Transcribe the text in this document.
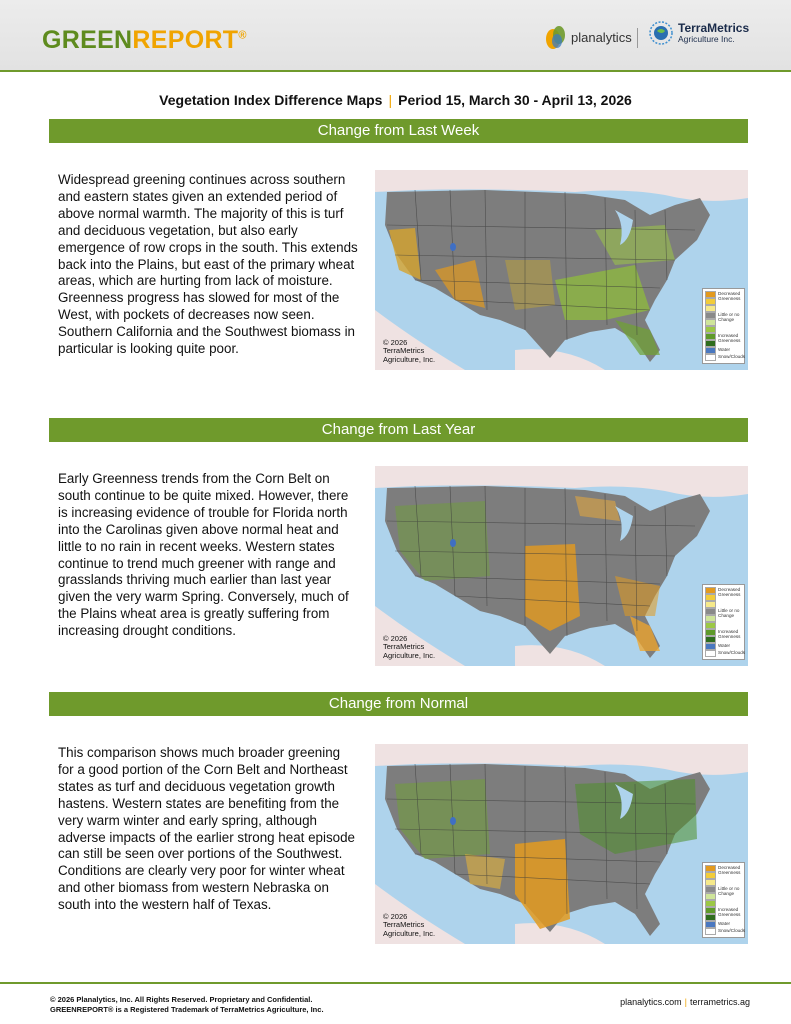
GREENREPORT®	planalytics
TerraMetrics
Agriculture Inc.
Vegetation Index Difference Maps | Period 15, March 30 - April 13, 2026
Change from Last Week
Widespread greening continues across southern and eastern states given an extended period of above normal warmth. The majority of this is turf and deciduous vegetation, but also early emergence of row crops in the south. This extends back into the Plains, but east of the primary wheat areas, which are hurting from lack of moisture. Greenness progress has slowed for most of the West, with pockets of decreases now seen. Southern California and the Southwest biomass in particular is looking quite poor.	© 2026
TerraMetrics
Agriculture, Inc.
Decreased Greenness
Little or no Change
Increased Greenness
Water
Snow/Clouds
Change from Last Year
Early Greenness trends from the Corn Belt on south continue to be quite mixed. However, there is increasing evidence of trouble for Florida north into the Carolinas given above normal heat and little to no rain in recent weeks. Western states continue to trend much greener with range and grasslands thriving much earlier than last year given the very warm Spring. Conversely, much of the Plains wheat area is greatly suffering from increasing drought conditions.	© 2026
TerraMetrics
Agriculture, Inc.
Decreased Greenness
Little or no Change
Increased Greenness
Water
Snow/Clouds
Change from Normal
This comparison shows much broader greening for a good portion of the Corn Belt and Northeast states as turf and deciduous vegetation growth hastens. Western states are benefiting from the very warm winter and early spring, although adverse impacts of the earlier strong heat episode can still be seen over portions of the Southwest. Conditions are clearly very poor for winter wheat and other biomass from western Nebraska on south into the western half of Texas.
© 2026
TerraMetrics
Agriculture, Inc.
Decreased Greenness
Little or no Change
Increased Greenness
Water
Snow/Clouds
© 2026 Planalytics, Inc. All Rights Reserved. Proprietary and Confidential.
GREENREPORT® is a Registered Trademark of TerraMetrics Agriculture, Inc.
planalytics.com | terrametrics.ag
